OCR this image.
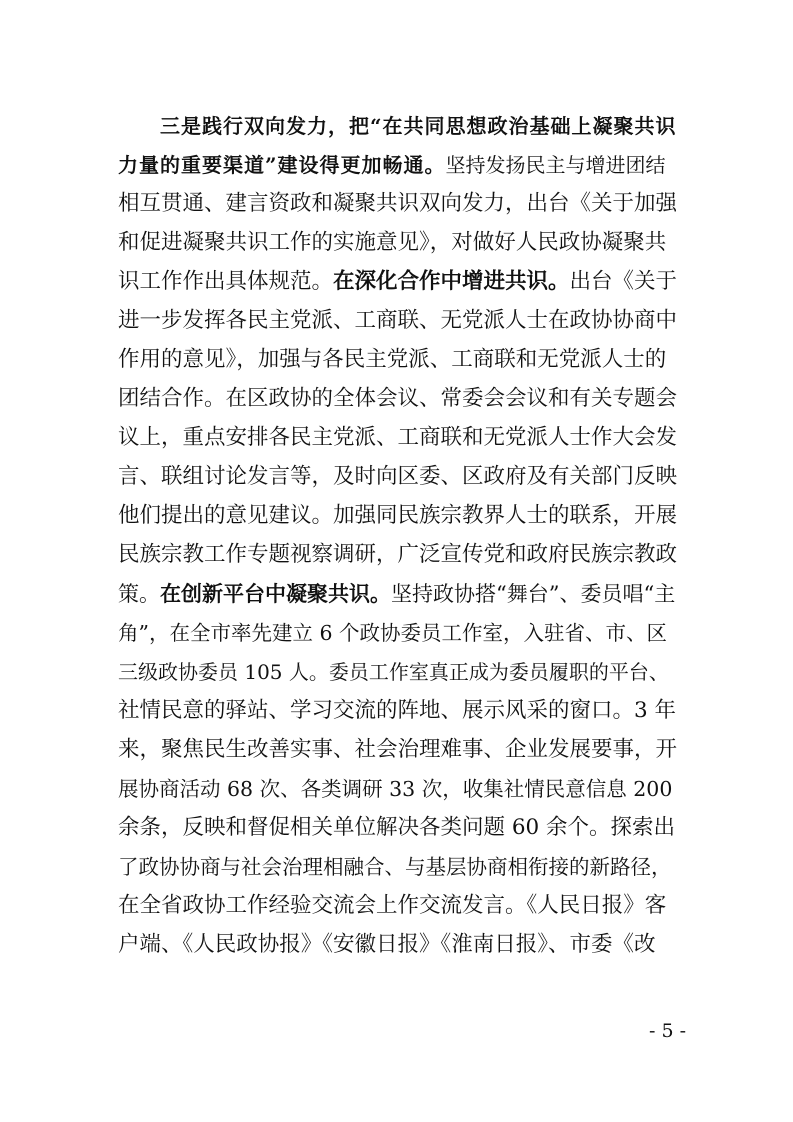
三是践行双向发力，把“在共同思想政治基础上凝聚共识
力量的重要渠道”建设得更加畅通。坚持发扬民主与增进团结
相互贯通、建言资政和凝聚共识双向发力，出台《关于加强
和促进凝聚共识工作的实施意见》，对做好人民政协凝聚共
识工作作出具体规范。在深化合作中增进共识。出台《关于
进一步发挥各民主党派、工商联、无党派人士在政协协商中
作用的意见》，加强与各民主党派、工商联和无党派人士的
团结合作。在区政协的全体会议、常委会会议和有关专题会
议上，重点安排各民主党派、工商联和无党派人士作大会发
言、联组讨论发言等，及时向区委、区政府及有关部门反映
他们提出的意见建议。加强同民族宗教界人士的联系，开展
民族宗教工作专题视察调研，广泛宣传党和政府民族宗教政
策。在创新平台中凝聚共识。坚持政协搭“舞台”、委员唱“主
角”，在全市率先建立 6 个政协委员工作室，入驻省、市、区
三级政协委员 105 人。委员工作室真正成为委员履职的平台、
社情民意的驿站、学习交流的阵地、展示风采的窗口。3 年
来，聚焦民生改善实事、社会治理难事、企业发展要事，开
展协商活动 68 次、各类调研 33 次，收集社情民意信息 200
余条，反映和督促相关单位解决各类问题 60 余个。探索出
了政协协商与社会治理相融合、与基层协商相衔接的新路径，
在全省政协工作经验交流会上作交流发言。《人民日报》客
户端、《人民政协报》《安徽日报》《淮南日报》、市委《改
- 5 -
